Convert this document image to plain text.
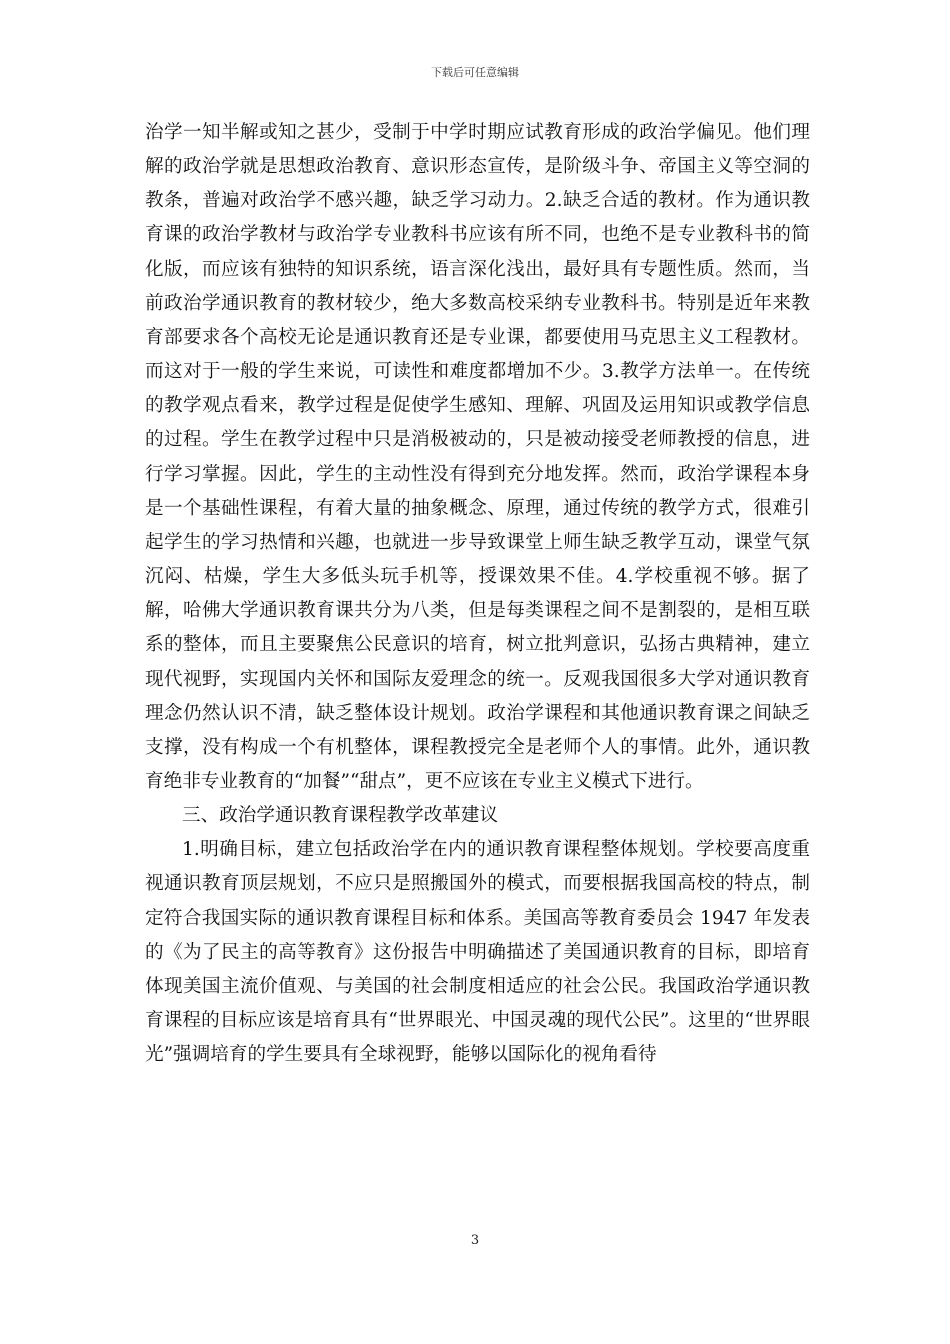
下载后可任意编辑

治学一知半解或知之甚少，受制于中学时期应试教育形成的政治学偏见。他们理解的政治学就是思想政治教育、意识形态宣传，是阶级斗争、帝国主义等空洞的教条，普遍对政治学不感兴趣，缺乏学习动力。2.缺乏合适的教材。作为通识教育课的政治学教材与政治学专业教科书应该有所不同，也绝不是专业教科书的简化版，而应该有独特的知识系统，语言深化浅出，最好具有专题性质。然而，当前政治学通识教育的教材较少，绝大多数高校采纳专业教科书。特别是近年来教育部要求各个高校无论是通识教育还是专业课，都要使用马克思主义工程教材。而这对于一般的学生来说，可读性和难度都增加不少。3.教学方法单一。在传统的教学观点看来，教学过程是促使学生感知、理解、巩固及运用知识或教学信息的过程。学生在教学过程中只是消极被动的，只是被动接受老师教授的信息，进行学习掌握。因此，学生的主动性没有得到充分地发挥。然而，政治学课程本身是一个基础性课程，有着大量的抽象概念、原理，通过传统的教学方式，很难引起学生的学习热情和兴趣，也就进一步导致课堂上师生缺乏教学互动，课堂气氛沉闷、枯燥，学生大多低头玩手机等，授课效果不佳。4.学校重视不够。据了解，哈佛大学通识教育课共分为八类，但是每类课程之间不是割裂的，是相互联系的整体，而且主要聚焦公民意识的培育，树立批判意识，弘扬古典精神，建立现代视野，实现国内关怀和国际友爱理念的统一。反观我国很多大学对通识教育理念仍然认识不清，缺乏整体设计规划。政治学课程和其他通识教育课之间缺乏支撑，没有构成一个有机整体，课程教授完全是老师个人的事情。此外，通识教育绝非专业教育的“加餐”“甜点”，更不应该在专业主义模式下进行。

三、政治学通识教育课程教学改革建议

1.明确目标，建立包括政治学在内的通识教育课程整体规划。学校要高度重视通识教育顶层规划，不应只是照搬国外的模式，而要根据我国高校的特点，制定符合我国实际的通识教育课程目标和体系。美国高等教育委员会 1947 年发表的《为了民主的高等教育》这份报告中明确描述了美国通识教育的目标，即培育体现美国主流价值观、与美国的社会制度相适应的社会公民。我国政治学通识教育课程的目标应该是培育具有“世界眼光、中国灵魂的现代公民”。这里的“世界眼光”强调培育的学生要具有全球视野，能够以国际化的视角看待

3
